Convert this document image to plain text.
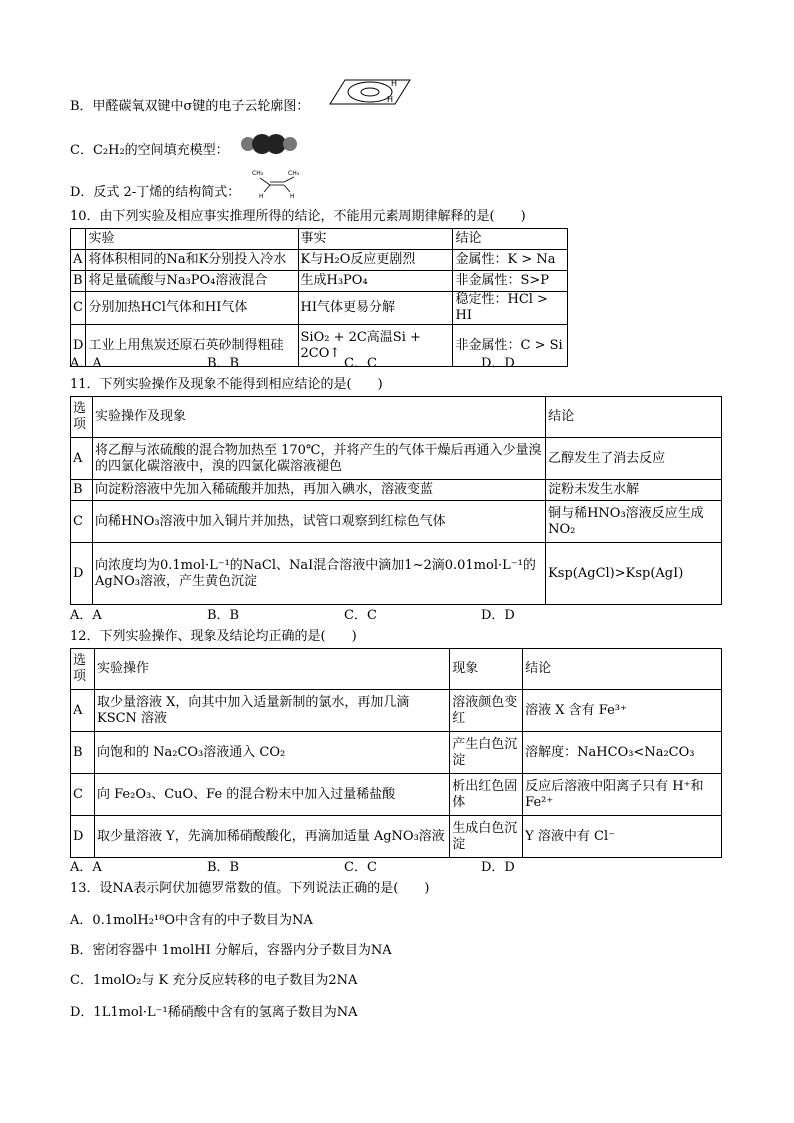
B．甲醛碳氧双键中σ键的电子云轮廓图：
H
H
C．C₂H₂的空间填充模型：
D．反式 2-丁烯的结构简式：
CH₃	CH₃
H	H
10．由下列实验及相应事实推理所得的结论，不能用元素周期律解释的是(　　)
	实验	事实	结论
A	将体积相同的Na和K分别投入冷水	K与H₂O反应更剧烈	金属性：K > Na
B	将足量硫酸与Na₃PO₄溶液混合	生成H₃PO₄	非金属性：S>P
C	分别加热HCl气体和HI气体	HI气体更易分解	稳定性：HCl > HI
D	工业上用焦炭还原石英砂制得粗硅	SiO₂ + 2C高温Si + 2CO↑	非金属性：C > Si
A．A	B．B	C．C	D．D
11．下列实验操作及现象不能得到相应结论的是(　　)
选项	实验操作及现象	结论
A	将乙醇与浓硫酸的混合物加热至 170℃，并将产生的气体干燥后再通入少量溴的四氯化碳溶液中，溴的四氯化碳溶液褪色	乙醇发生了消去反应
B	向淀粉溶液中先加入稀硫酸并加热，再加入碘水，溶液变蓝	淀粉未发生水解
C	向稀HNO₃溶液中加入铜片并加热，试管口观察到红棕色气体	铜与稀HNO₃溶液反应生成NO₂
D	向浓度均为0.1mol·L⁻¹的NaCl、NaI混合溶液中滴加1~2滴0.01mol·L⁻¹的AgNO₃溶液，产生黄色沉淀	Ksp(AgCl)>Ksp(AgI)
A．A	B．B	C．C	D．D
12．下列实验操作、现象及结论均正确的是(　　)
选项	实验操作	现象	结论
A	取少量溶液 X，向其中加入适量新制的氯水，再加几滴KSCN 溶液	溶液颜色变红	溶液 X 含有 Fe³⁺
B	向饱和的 Na₂CO₃溶液通入 CO₂	产生白色沉淀	溶解度：NaHCO₃<Na₂CO₃
C	向 Fe₂O₃、CuO、Fe 的混合粉末中加入过量稀盐酸	析出红色固体	反应后溶液中阳离子只有 H⁺和Fe²⁺
D	取少量溶液 Y，先滴加稀硝酸酸化，再滴加适量 AgNO₃溶液	生成白色沉淀	Y 溶液中有 Cl⁻
A．A	B．B	C．C	D．D
13．设NA表示阿伏加德罗常数的值。下列说法正确的是(　　)
A．0.1molH₂¹⁸O中含有的中子数目为NA
B．密闭容器中 1molHI 分解后，容器内分子数目为NA
C．1molO₂与 K 充分反应转移的电子数目为2NA
D．1L1mol·L⁻¹稀硝酸中含有的氢离子数目为NA
